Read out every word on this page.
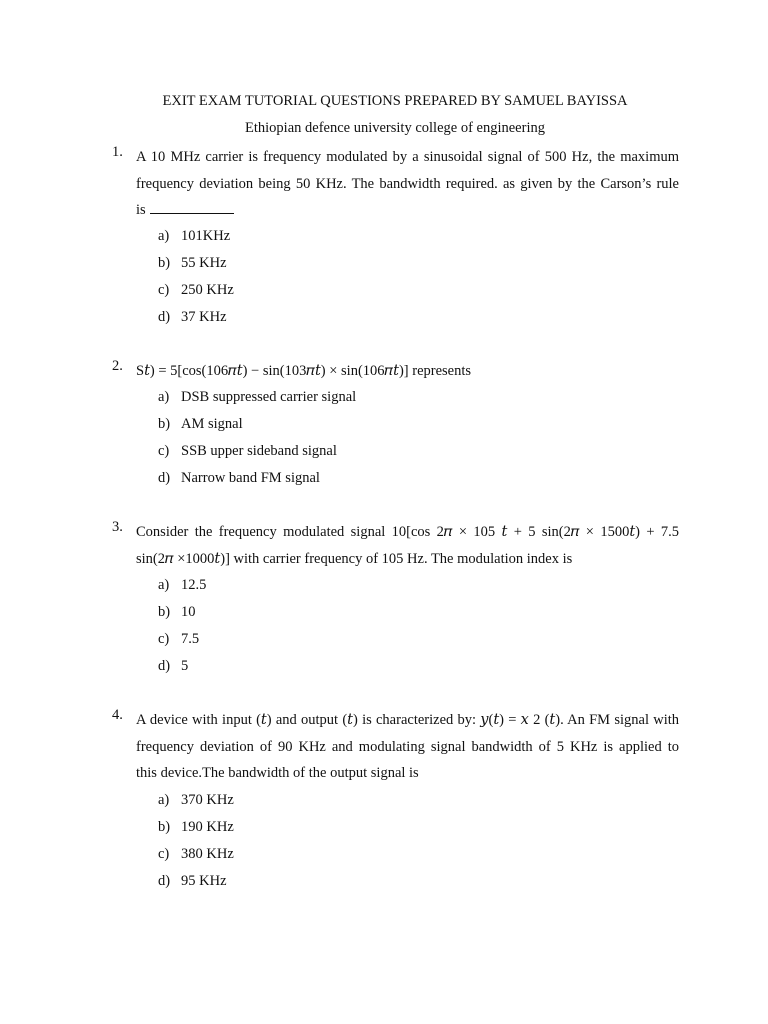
EXIT EXAM TUTORIAL QUESTIONS PREPARED BY SAMUEL BAYISSA
Ethiopian defence university college of engineering
1. A 10 MHz carrier is frequency modulated by a sinusoidal signal of 500 Hz, the maximum
frequency deviation being 50 KHz. The bandwidth required. as given by the Carson’s rule
is
a) 101KHz
b) 55 KHz
c) 250 KHz
d) 37 KHz
2. S𝑡) = 5[cos(106𝜋𝑡) − sin(103𝜋𝑡) × sin(106𝜋𝑡)] represents
a) DSB suppressed carrier signal
b) AM signal
c) SSB upper sideband signal
d) Narrow band FM signal
3. Consider the frequency modulated signal 10[cos 2𝜋 × 105 𝑡 + 5 sin(2𝜋 × 1500𝑡) + 7.5
sin(2𝜋 ×1000𝑡)] with carrier frequency of 105 Hz. The modulation index is
a) 12.5
b) 10
c) 7.5
d) 5
4. A device with input (𝑡) and output (𝑡) is characterized by: 𝑦(𝑡) = 𝑥 2 (𝑡). An FM signal with
frequency deviation of 90 KHz and modulating signal bandwidth of 5 KHz is applied to
this device.The bandwidth of the output signal is
a) 370 KHz
b) 190 KHz
c) 380 KHz
d) 95 KHz
